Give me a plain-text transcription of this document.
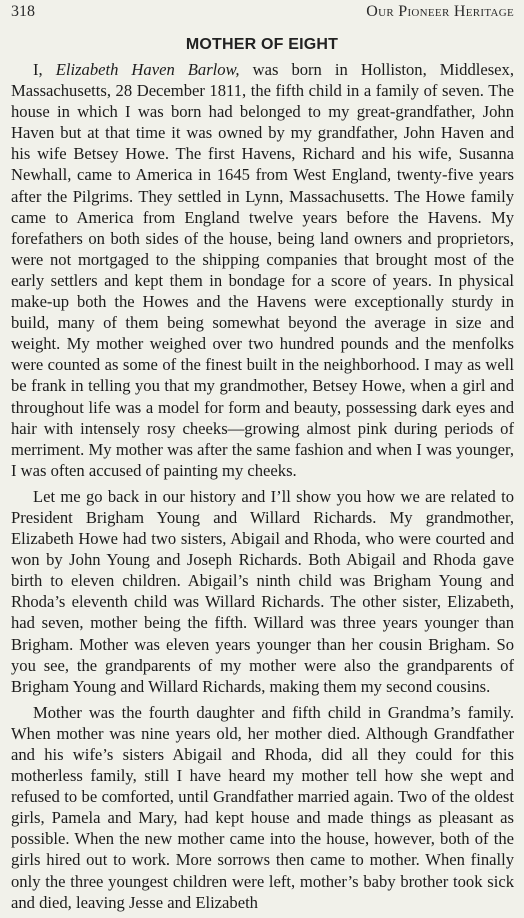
318	Our Pioneer Heritage
MOTHER OF EIGHT

I, Elizabeth Haven Barlow, was born in Holliston, Middlesex, Massachusetts, 28 December 1811, the fifth child in a family of seven. The house in which I was born had belonged to my great-grandfather, John Haven but at that time it was owned by my grandfather, John Haven and his wife Betsey Howe. The first Havens, Richard and his wife, Susanna Newhall, came to America in 1645 from West England, twenty-five years after the Pilgrims. They settled in Lynn, Massachusetts. The Howe family came to America from England twelve years before the Havens. My forefathers on both sides of the house, being land owners and proprietors, were not mortgaged to the shipping companies that brought most of the early settlers and kept them in bondage for a score of years. In physical make-up both the Howes and the Havens were exceptionally sturdy in build, many of them being somewhat beyond the average in size and weight. My mother weighed over two hundred pounds and the menfolks were counted as some of the finest built in the neighborhood. I may as well be frank in telling you that my grandmother, Betsey Howe, when a girl and throughout life was a model for form and beauty, possessing dark eyes and hair with intensely rosy cheeks—growing almost pink during periods of merriment. My mother was after the same fashion and when I was younger, I was often accused of painting my cheeks.

Let me go back in our history and I’ll show you how we are related to President Brigham Young and Willard Richards. My grandmother, Elizabeth Howe had two sisters, Abigail and Rhoda, who were courted and won by John Young and Joseph Richards. Both Abigail and Rhoda gave birth to eleven children. Abigail’s ninth child was Brigham Young and Rhoda’s eleventh child was Willard Richards. The other sister, Elizabeth, had seven, mother being the fifth. Willard was three years younger than Brigham. Mother was eleven years younger than her cousin Brigham. So you see, the grandparents of my mother were also the grandparents of Brigham Young and Willard Richards, making them my second cousins.

Mother was the fourth daughter and fifth child in Grandma’s family. When mother was nine years old, her mother died. Although Grandfather and his wife’s sisters Abigail and Rhoda, did all they could for this motherless family, still I have heard my mother tell how she wept and refused to be comforted, until Grandfather married again. Two of the oldest girls, Pamela and Mary, had kept house and made things as pleasant as possible. When the new mother came into the house, however, both of the girls hired out to work. More sorrows then came to mother. When finally only the three youngest children were left, mother’s baby brother took sick and died, leaving Jesse and Elizabeth
